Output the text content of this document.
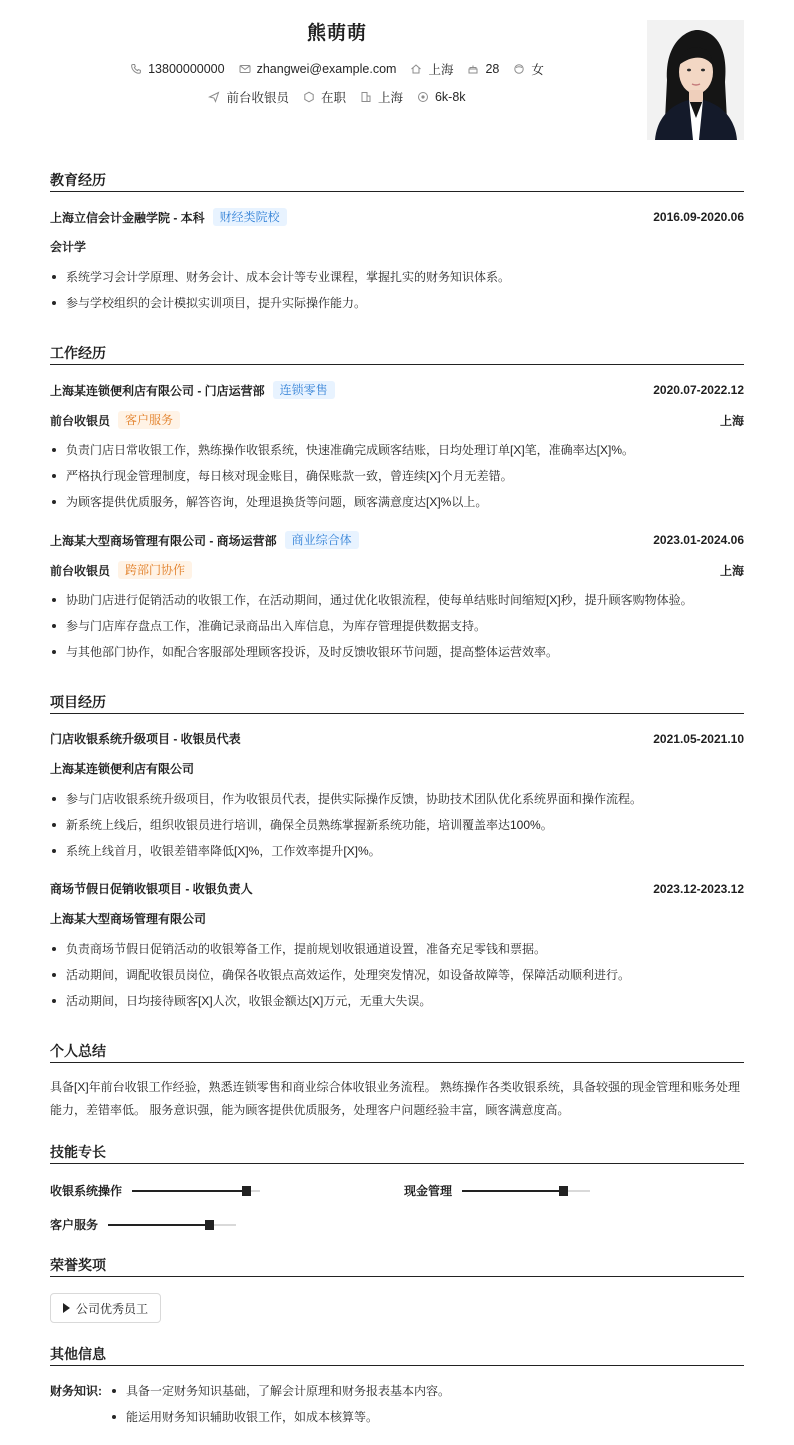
熊萌萌
13800000000	zhangwei@example.com	上海	28	女
前台收银员	在职	上海	6k-8k
教育经历
上海立信会计金融学院 - 本科	财经类院校	2016.09-2020.06
会计学
系统学习会计学原理、财务会计、成本会计等专业课程，掌握扎实的财务知识体系。
参与学校组织的会计模拟实训项目，提升实际操作能力。
工作经历
上海某连锁便利店有限公司 - 门店运营部	连锁零售	2020.07-2022.12
前台收银员	客户服务	上海
负责门店日常收银工作，熟练操作收银系统，快速准确完成顾客结账，日均处理订单[X]笔，准确率达[X]%。
严格执行现金管理制度，每日核对现金账目，确保账款一致，曾连续[X]个月无差错。
为顾客提供优质服务，解答咨询，处理退换货等问题，顾客满意度达[X]%以上。
上海某大型商场管理有限公司 - 商场运营部	商业综合体	2023.01-2024.06
前台收银员	跨部门协作	上海
协助门店进行促销活动的收银工作，在活动期间，通过优化收银流程，使每单结账时间缩短[X]秒，提升顾客购物体验。
参与门店库存盘点工作，准确记录商品出入库信息，为库存管理提供数据支持。
与其他部门协作，如配合客服部处理顾客投诉，及时反馈收银环节问题，提高整体运营效率。
项目经历
门店收银系统升级项目 - 收银员代表	2021.05-2021.10
上海某连锁便利店有限公司
参与门店收银系统升级项目，作为收银员代表，提供实际操作反馈，协助技术团队优化系统界面和操作流程。
新系统上线后，组织收银员进行培训，确保全员熟练掌握新系统功能，培训覆盖率达100%。
系统上线首月，收银差错率降低[X]%，工作效率提升[X]%。
商场节假日促销收银项目 - 收银负责人	2023.12-2023.12
上海某大型商场管理有限公司
负责商场节假日促销活动的收银筹备工作，提前规划收银通道设置，准备充足零钱和票据。
活动期间，调配收银员岗位，确保各收银点高效运作，处理突发情况，如设备故障等，保障活动顺利进行。
活动期间，日均接待顾客[X]人次，收银金额达[X]万元，无重大失误。
个人总结
具备[X]年前台收银工作经验，熟悉连锁零售和商业综合体收银业务流程。 熟练操作各类收银系统，具备较强的现金管理和账务处理能力，差错率低。 服务意识强，能为顾客提供优质服务，处理客户问题经验丰富，顾客满意度高。
技能专长
收银系统操作	现金管理
客户服务
荣誉奖项
公司优秀员工
其他信息
财务知识:	具备一定财务知识基础，了解会计原理和财务报表基本内容。
能运用财务知识辅助收银工作，如成本核算等。
